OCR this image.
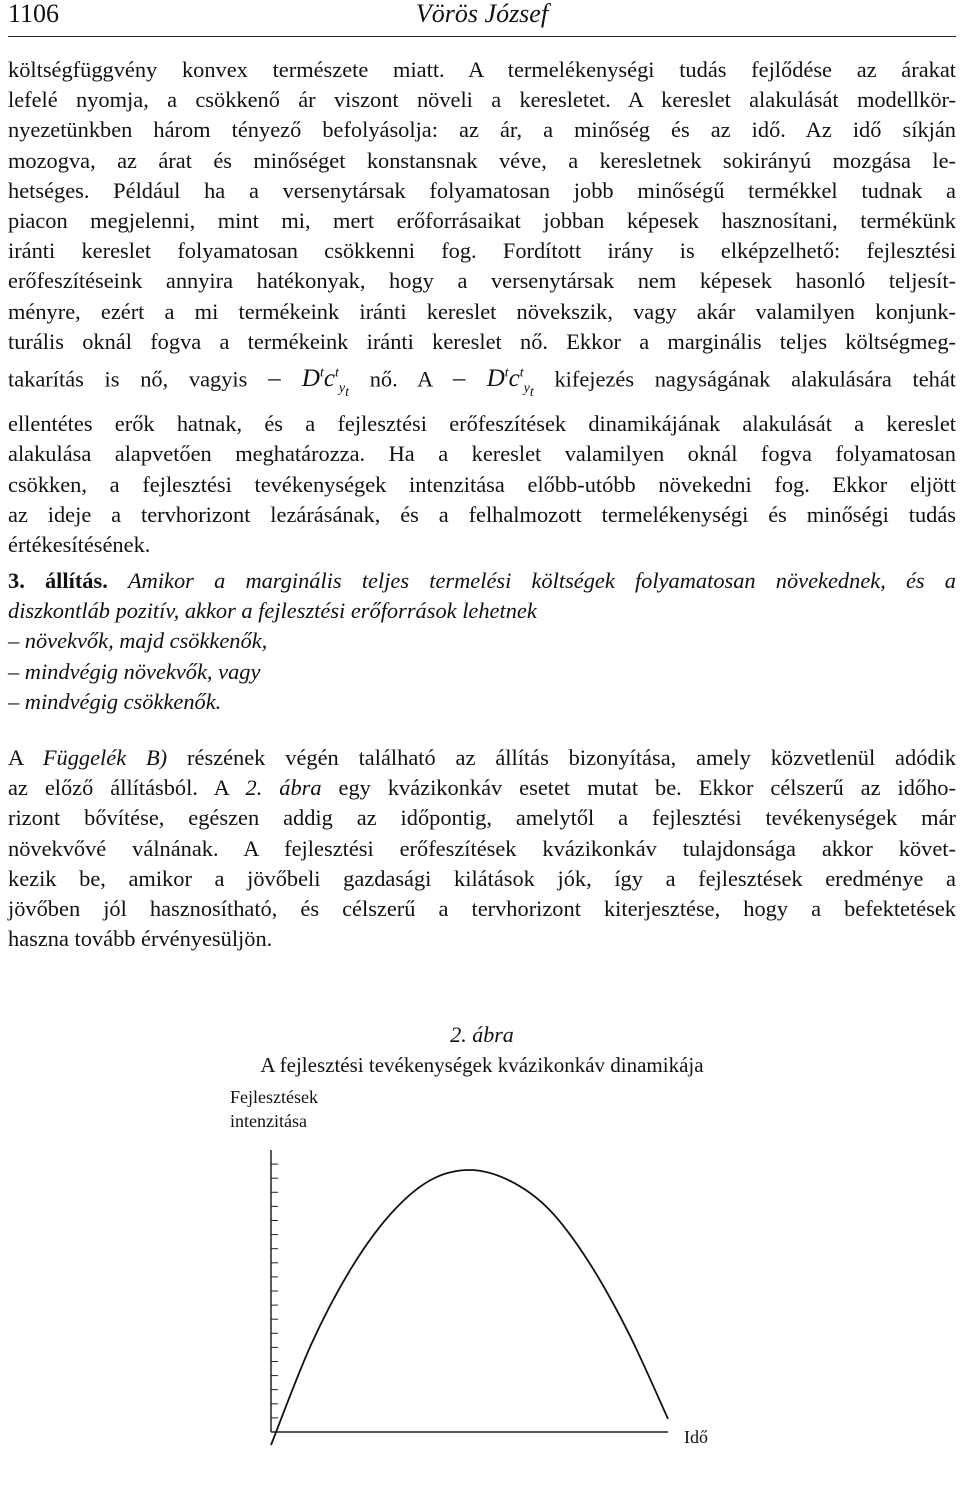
1106	Vörös József
költségfüggvény konvex természete miatt. A termelékenységi tudás fejlődése az árakat
lefelé nyomja, a csökkenő ár viszont növeli a keresletet. A kereslet alakulását modellkör-
nyezetünkben három tényező befolyásolja: az ár, a minőség és az idő. Az idő síkján
mozogva, az árat és minőséget konstansnak véve, a keresletnek sokirányú mozgása le-
hetséges. Például ha a versenytársak folyamatosan jobb minőségű termékkel tudnak a
piacon megjelenni, mint mi, mert erőforrásaikat jobban képesek hasznosítani, termékünk
iránti kereslet folyamatosan csökkenni fog. Fordított irány is elképzelhető: fejlesztési
erőfeszítéseink annyira hatékonyak, hogy a versenytársak nem képesek hasonló teljesít-
ményre, ezért a mi termékeink iránti kereslet növekszik, vagy akár valamilyen konjunk-
turális oknál fogva a termékeink iránti kereslet nő. Ekkor a marginális teljes költségmeg-
takarítás is nő, vagyis – $D^tc^t_{y_t}$ nő. A – $D^tc^t_{y_t}$ kifejezés nagyságának alakulására tehát
ellentétes erők hatnak, és a fejlesztési erőfeszítések dinamikájának alakulását a kereslet
alakulása alapvetően meghatározza. Ha a kereslet valamilyen oknál fogva folyamatosan
csökken, a fejlesztési tevékenységek intenzitása előbb-utóbb növekedni fog. Ekkor eljött
az ideje a tervhorizont lezárásának, és a felhalmozott termelékenységi és minőségi tudás
értékesítésének.
3. állítás. Amikor a marginális teljes termelési költségek folyamatosan növekednek, és a
diszkontláb pozitív, akkor a fejlesztési erőforrások lehetnek
– növekvők, majd csökkenők,
– mindvégig növekvők, vagy
– mindvégig csökkenők.
A Függelék B) részének végén található az állítás bizonyítása, amely közvetlenül adódik
az előző állításból. A 2. ábra egy kvázikonkáv esetet mutat be. Ekkor célszerű az időho-
rizont bővítése, egészen addig az időpontig, amelytől a fejlesztési tevékenységek már
növekvővé válnának. A fejlesztési erőfeszítések kvázikonkáv tulajdonsága akkor követ-
kezik be, amikor a jövőbeli gazdasági kilátások jók, így a fejlesztések eredménye a
jövőben jól hasznosítható, és célszerű a tervhorizont kiterjesztése, hogy a befektetések
haszna tovább érvényesüljön.
2. ábra
A fejlesztési tevékenységek kvázikonkáv dinamikája
Fejlesztések
intenzitása
Idő
